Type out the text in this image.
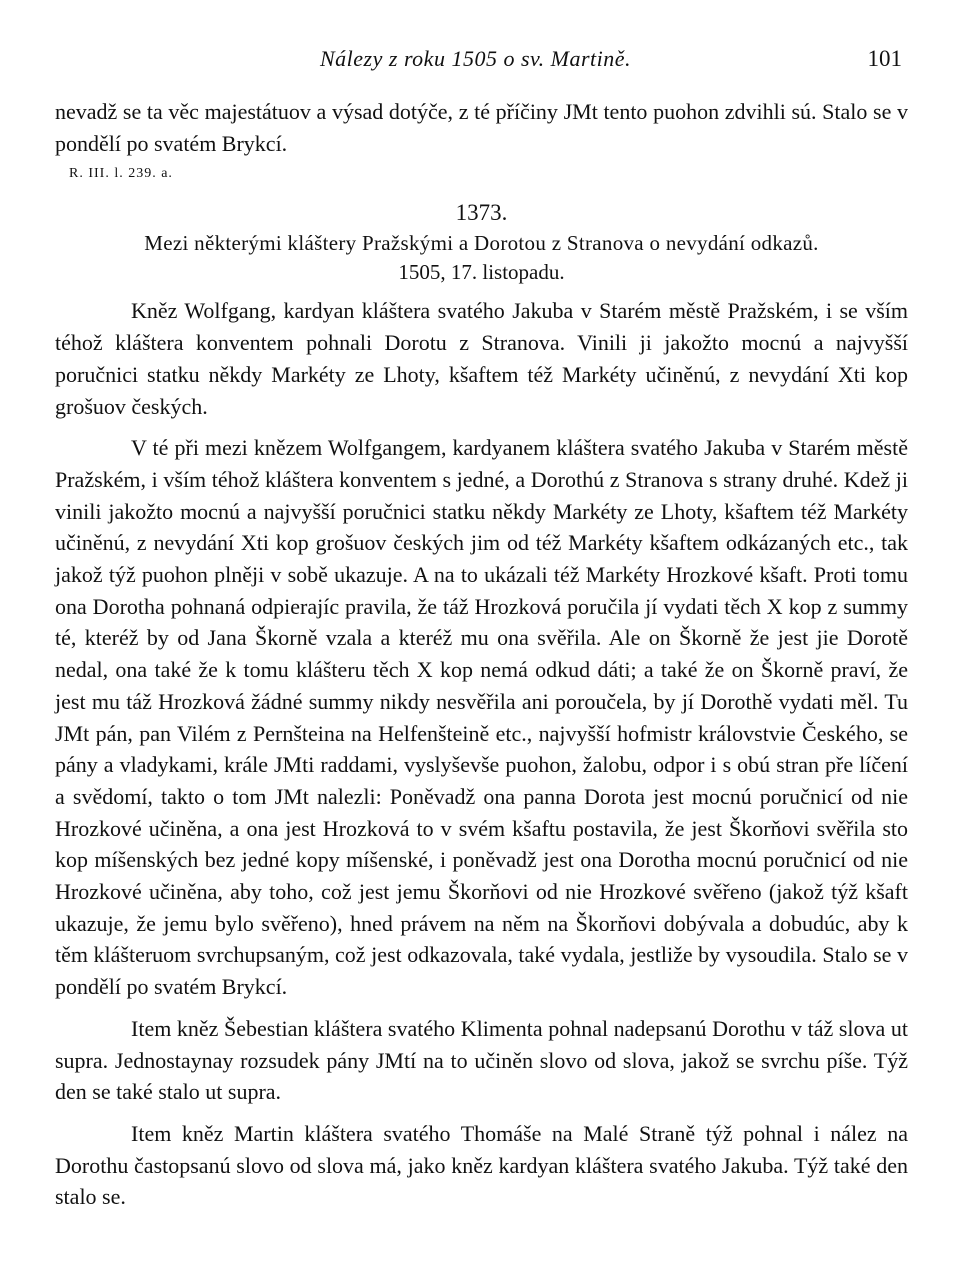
Nálezy z roku 1505 o sv. Martině.	101

nevadž se ta věc majestátuov a výsad dotýče, z té příčiny JMt tento puohon zdvihli sú. Stalo se v pondělí po svatém Brykcí.

R. III. l. 239. a.

1373.

Mezi některými kláštery Pražskými a Dorotou z Stranova o nevydání odkazů.

1505, 17. listopadu.

Kněz Wolfgang, kardyan kláštera svatého Jakuba v Starém městě Pražském, i se vším téhož kláštera konventem pohnali Dorotu z Stranova. Vinili ji jakožto mocnú a najvyšší poručnici statku někdy Markéty ze Lhoty, kšaftem též Markéty učiněnú, z nevydání Xti kop grošuov českých.

V té při mezi knězem Wolfgangem, kardyanem kláštera svatého Jakuba v Starém městě Pražském, i vším téhož kláštera konventem s jedné, a Dorothú z Stranova s strany druhé. Kdež ji vinili jakožto mocnú a najvyšší poručnici statku někdy Markéty ze Lhoty, kšaftem též Markéty učiněnú, z nevydání Xti kop grošuov českých jim od též Markéty kšaftem odkázaných etc., tak jakož týž puohon plněji v sobě ukazuje. A na to ukázali též Markéty Hrozkové kšaft. Proti tomu ona Dorotha pohnaná odpierajíc pravila, že táž Hrozková poručila jí vydati těch X kop z summy té, kteréž by od Jana Škorně vzala a kteréž mu ona svěřila. Ale on Škorně že jest jie Dorotě nedal, ona také že k tomu klášteru těch X kop nemá odkud dáti; a také že on Škorně praví, že jest mu táž Hrozková žádné summy nikdy nesvěřila ani poroučela, by jí Dorothě vydati měl. Tu JMt pán, pan Vilém z Pernšteina na Helfenšteině etc., najvyšší hofmistr královstvie Českého, se pány a vladykami, krále JMti raddami, vyslyševše puohon, žalobu, odpor i s obú stran pře líčení a svědomí, takto o tom JMt nalezli: Poněvadž ona panna Dorota jest mocnú poručnicí od nie Hrozkové učiněna, a ona jest Hrozková to v svém kšaftu postavila, že jest Škorňovi svěřila sto kop míšenských bez jedné kopy míšenské, i poněvadž jest ona Dorotha mocnú poručnicí od nie Hrozkové učiněna, aby toho, což jest jemu Škorňovi od nie Hrozkové svěřeno (jakož týž kšaft ukazuje, že jemu bylo svěřeno), hned právem na něm na Škorňovi dobývala a dobudúc, aby k těm klášteruom svrchupsaným, což jest odkazovala, také vydala, jestliže by vysoudila. Stalo se v pondělí po svatém Brykcí.

Item kněz Šebestian kláštera svatého Klimenta pohnal nadepsanú Dorothu v táž slova ut supra. Jednostaynay rozsudek pány JMtí na to učiněn slovo od slova, jakož se svrchu píše. Týž den se také stalo ut supra.

Item kněz Martin kláštera svatého Thomáše na Malé Straně týž pohnal i nález na Dorothu častopsanú slovo od slova má, jako kněz kardyan kláštera svatého Jakuba. Týž také den stalo se.
